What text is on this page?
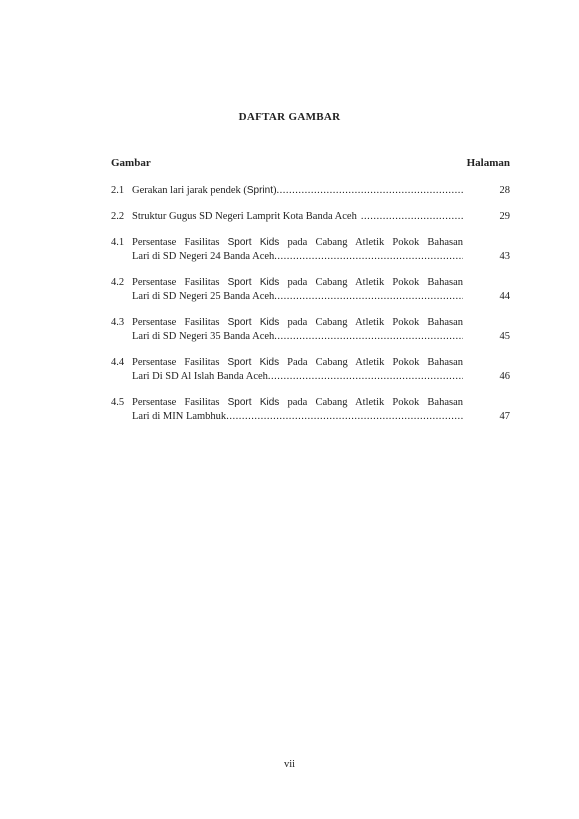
DAFTAR GAMBAR
Gambar	Halaman
2.1 Gerakan lari jarak pendek (Sprint) .....	28
2.2 Struktur Gugus SD Negeri Lamprit Kota Banda Aceh .....	29
4.1 Persentase Fasilitas Sport Kids pada Cabang Atletik Pokok Bahasan
Lari di SD Negeri 24 Banda Aceh .....	43
4.2 Persentase Fasilitas Sport Kids pada Cabang Atletik Pokok Bahasan
Lari di SD Negeri 25 Banda Aceh .....	44
4.3 Persentase Fasilitas Sport Kids pada Cabang Atletik Pokok Bahasan
Lari di SD Negeri 35 Banda Aceh .....	45
4.4 Persentase Fasilitas Sport Kids Pada Cabang Atletik Pokok Bahasan
Lari Di SD Al Islah Banda Aceh .....	46
4.5 Persentase Fasilitas Sport Kids pada Cabang Atletik Pokok Bahasan
Lari di MIN Lambhuk .....	47
vii
